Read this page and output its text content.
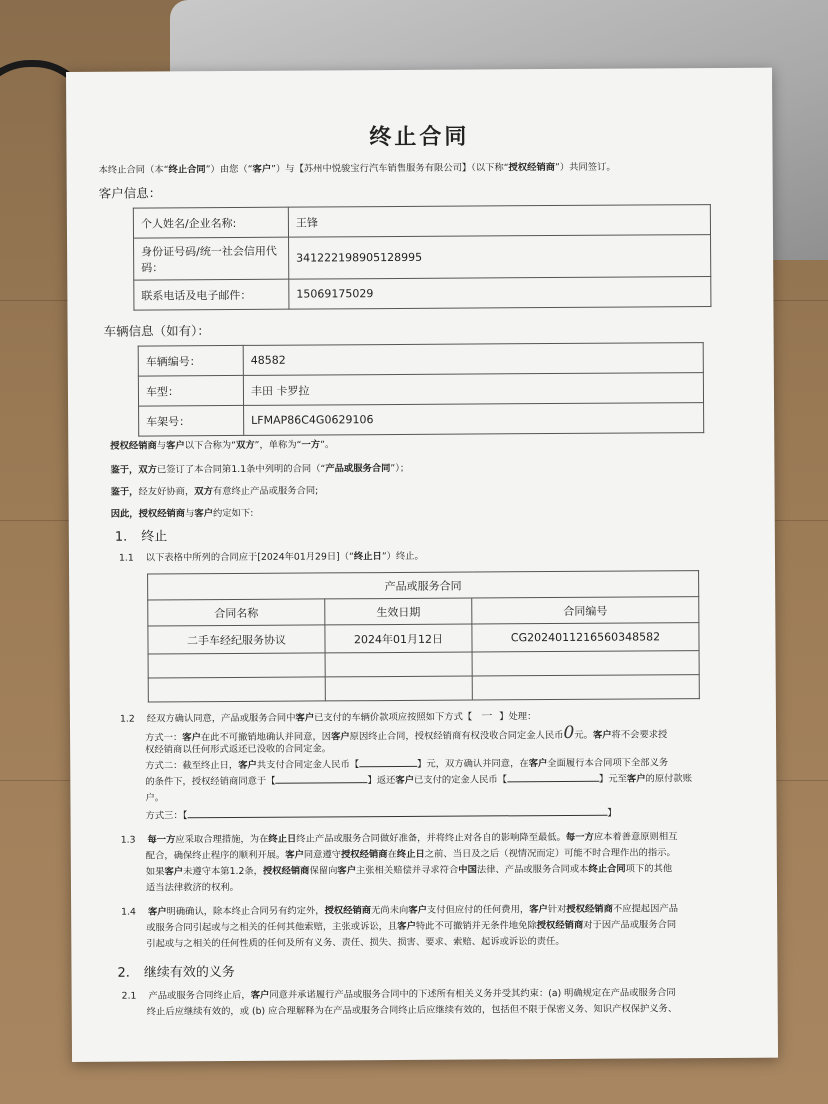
终止合同
本终止合同（本“终止合同”）由您（“客户”）与【苏州中悦骏宝行汽车销售服务有限公司】（以下称“授权经销商”）共同签订。
客户信息：
个人姓名/企业名称:	王锋
身份证号码/统一社会信用代码：	341222198905128995
联系电话及电子邮件：	15069175029
车辆信息（如有）：
车辆编号：	48582
车型：	丰田 卡罗拉
车架号：	LFMAP86C4G0629106
授权经销商与客户以下合称为“双方”，单称为“一方”。
鉴于，双方已签订了本合同第1.1条中列明的合同（“产品或服务合同”）；
鉴于，经友好协商，双方有意终止产品或服务合同;
因此，授权经销商与客户约定如下:
1. 终止
1.1 以下表格中所列的合同应于[2024年01月29日]（“终止日”）终止。
产品或服务合同		
合同名称	生效日期	合同编号
二手车经纪服务协议	2024年01月12日	CG20240112165603485​82

1.2 经双方确认同意，产品或服务合同中客户已支付的车辆价款项应按照如下方式【 一 】处理：
方式一：客户在此不可撤销地确认并同意，因客户原因终止合同，授权经销商有权没收合同定金人民币0元。客户将不会要求授
权经销商以任何形式返还已没收的合同定金。
方式二：截至终止日，客户共支付合同定金人民币【	】元，双方确认并同意，在客户全面履行本合同项下全部义务
的条件下，授权经销商同意于【	】返还客户已支付的定金人民币【	】元至客户的原付款账
户。
方式三：【	】
1.3 每一方应采取合理措施，为在终止日终止产品或服务合同做好准备，并将终止对各自的影响降至最低。每一方应本着善意原则相互
配合，确保终止程序的顺利开展。客户同意遵守授权经销商在终止日之前、当日及之后（视情况而定）可能不时合理作出的指示。
如果客户未遵守本第1.2条，授权经销商保留向客户主张相关赔偿并寻求符合中国法律、产品或服务合同或本终止合同项下的其他
适当法律救济的权利。
1.4 客户明确确认，除本终止合同另有约定外，授权经销商无尚未向客户支付但应付的任何费用，客户针对授权经销商不应提起因产品
或服务合同引起或与之相关的任何其他索赔，主张或诉讼，且客户特此不可撤销并无条件地免除授权经销商对于因产品或服务合同
引起或与之相关的任何性质的任何及所有义务、责任、损失、损害、要求、索赔、起诉或诉讼的责任。
2. 继续有效的义务
2.1 产品或服务合同终止后，客户同意并承诺履行产品或服务合同中的下述所有相关义务并受其约束：(a) 明确规定在产品或服务合同
终止后应继续有效的，或 (b) 应合理解释为在产品或服务合同终止后应继续有效的，包括但不限于保密义务、知识产权保护义务、
